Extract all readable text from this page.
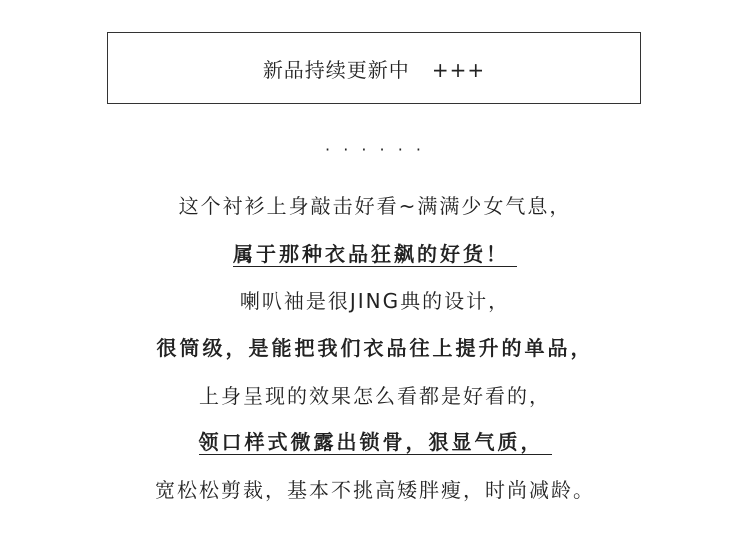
新品持续更新中   +++
· · · · · ·
这个衬衫上身敲击好看~满满少女气息，
属于那种衣品狂飙的好货！
喇叭袖是很JING典的设计，
很筒级，是能把我们衣品往上提升的单品，
上身呈现的效果怎么看都是好看的，
领口样式微露出锁骨，狠显气质，
宽松松剪裁，基本不挑高矮胖瘦，时尚减龄。
